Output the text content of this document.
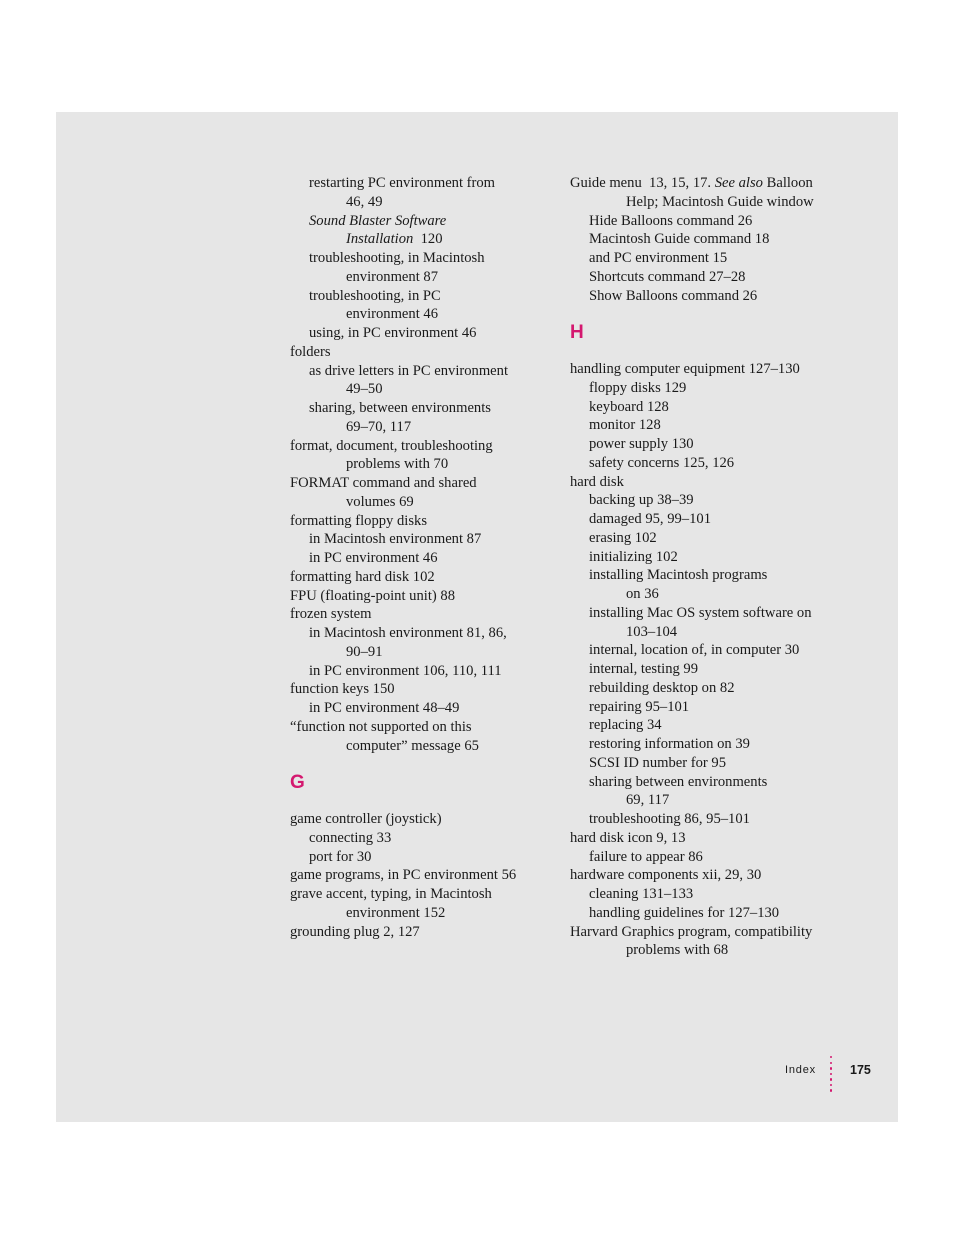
restarting PC environment from
46, 49
Sound Blaster Software
Installation  120
troubleshooting, in Macintosh
environment 87
troubleshooting, in PC
environment 46
using, in PC environment 46
folders
as drive letters in PC environment
49–50
sharing, between environments
69–70, 117
format, document, troubleshooting
problems with 70
FORMAT command and shared
volumes 69
formatting floppy disks
in Macintosh environment 87
in PC environment 46
formatting hard disk 102
FPU (floating-point unit) 88
frozen system
in Macintosh environment 81, 86,
90–91
in PC environment 106, 110, 111
function keys 150
in PC environment 48–49
“function not supported on this
computer” message 65
G
game controller (joystick)
connecting 33
port for 30
game programs, in PC environment 56
grave accent, typing, in Macintosh
environment 152
grounding plug 2, 127
Guide menu  13, 15, 17. See also Balloon
Help; Macintosh Guide window
Hide Balloons command 26
Macintosh Guide command 18
and PC environment 15
Shortcuts command 27–28
Show Balloons command 26
H
handling computer equipment 127–130
floppy disks 129
keyboard 128
monitor 128
power supply 130
safety concerns 125, 126
hard disk
backing up 38–39
damaged 95, 99–101
erasing 102
initializing 102
installing Macintosh programs
on 36
installing Mac OS system software on
103–104
internal, location of, in computer 30
internal, testing 99
rebuilding desktop on 82
repairing 95–101
replacing 34
restoring information on 39
SCSI ID number for 95
sharing between environments
69, 117
troubleshooting 86, 95–101
hard disk icon 9, 13
failure to appear 86
hardware components xii, 29, 30
cleaning 131–133
handling guidelines for 127–130
Harvard Graphics program, compatibility
problems with 68
Index	175
